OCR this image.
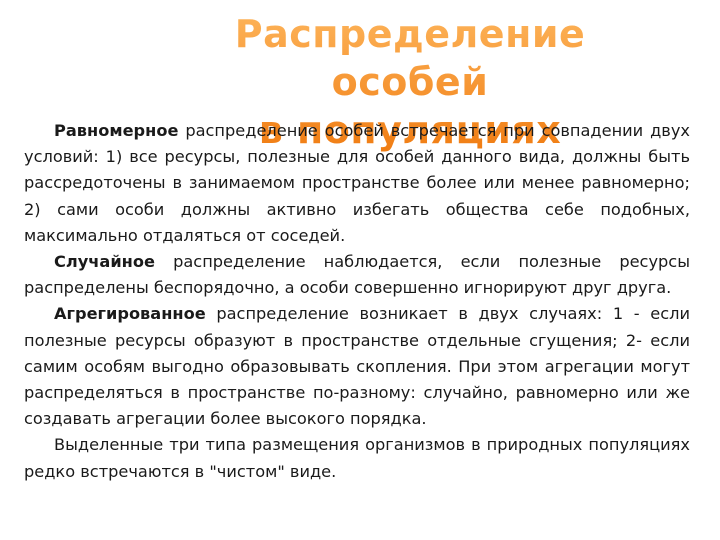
Распределение особей
в популяциях

Равномерное распределение особей встречается при совпадении двух условий: 1) все ресурсы, полезные для особей данного вида, должны быть рассредоточены в занимаемом пространстве более или менее равномерно; 2) сами особи должны активно избегать общества себе подобных, максимально отдаляться от соседей.

Случайное распределение наблюдается, если полезные ресурсы распределены беспорядочно, а особи совершенно игнорируют друг друга.

Агрегированное распределение возникает в двух случаях: 1 - если полезные ресурсы образуют в пространстве отдельные сгущения; 2- если самим особям выгодно образовывать скопления. При этом агрегации могут распределяться в пространстве по-разному: случайно, равномерно или же создавать агрегации более высокого порядка.

Выделенные три типа размещения организмов в природных популяциях редко встречаются в "чистом" виде.
